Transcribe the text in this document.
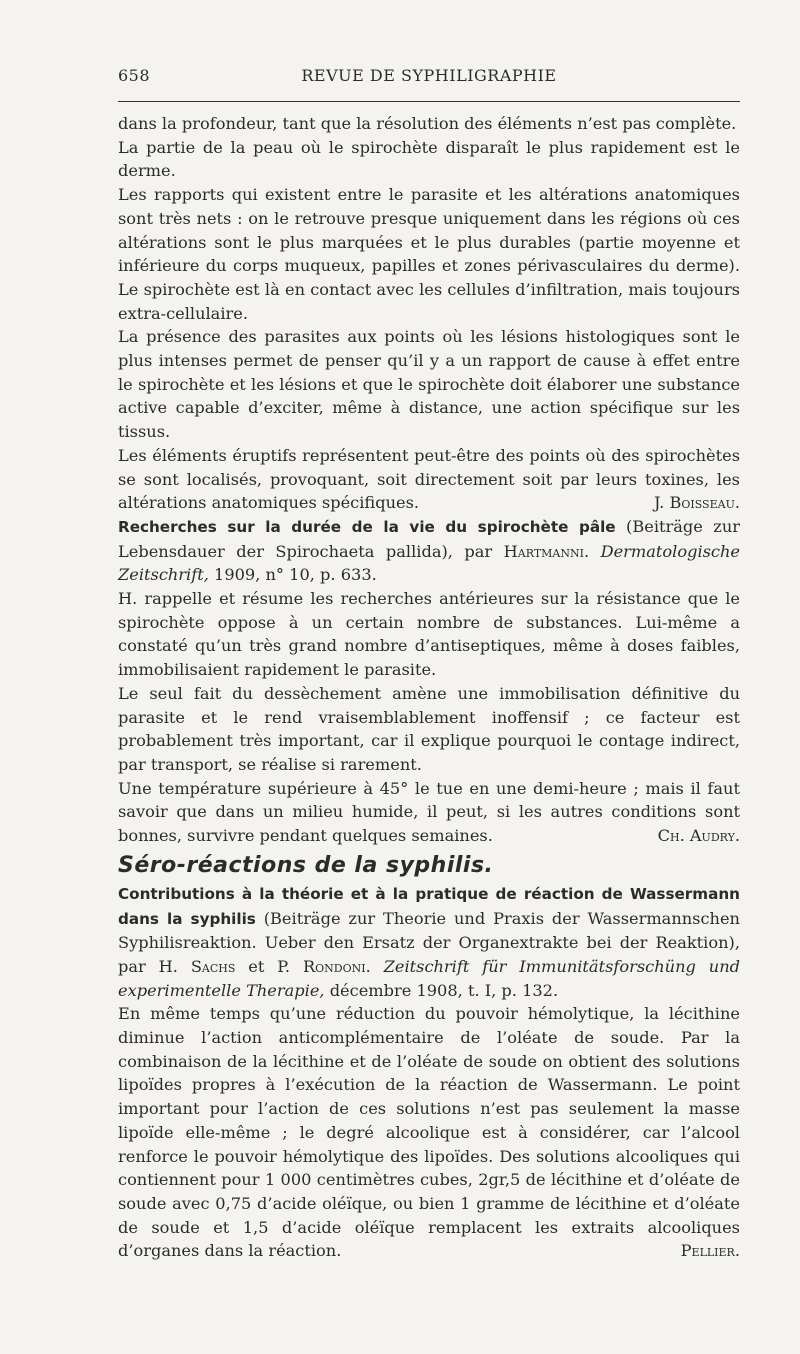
658	REVUE DE SYPHILIGRAPHIE

dans la profondeur, tant que la résolution des éléments n’est pas complète.

La partie de la peau où le spirochète disparaît le plus rapidement est le derme.

Les rapports qui existent entre le parasite et les altérations anatomiques sont très nets : on le retrouve presque uniquement dans les régions où ces altérations sont le plus marquées et le plus durables (partie moyenne et inférieure du corps muqueux, papilles et zones périvasculaires du derme). Le spirochète est là en contact avec les cellules d’infiltration, mais toujours extra-cellulaire.

La présence des parasites aux points où les lésions histologiques sont le plus intenses permet de penser qu’il y a un rapport de cause à effet entre le spirochète et les lésions et que le spirochète doit élaborer une substance active capable d’exciter, même à distance, une action spécifique sur les tissus.

Les éléments éruptifs représentent peut-être des points où des spirochètes se sont localisés, provoquant, soit directement soit par leurs toxines, les altérations anatomiques spécifiques.	J. Boisseau.

Recherches sur la durée de la vie du spirochète pâle (Beiträge zur Lebensdauer der Spirochaeta pallida), par Hartmanni. Dermatologische Zeitschrift, 1909, n° 10, p. 633.

H. rappelle et résume les recherches antérieures sur la résistance que le spirochète oppose à un certain nombre de substances. Lui-même a constaté qu’un très grand nombre d’antiseptiques, même à doses faibles, immobilisaient rapidement le parasite.

Le seul fait du dessèchement amène une immobilisation définitive du parasite et le rend vraisemblablement inoffensif ; ce facteur est probablement très important, car il explique pourquoi le contage indirect, par transport, se réalise si rarement.

Une température supérieure à 45° le tue en une demi-heure ; mais il faut savoir que dans un milieu humide, il peut, si les autres conditions sont bonnes, survivre pendant quelques semaines.	Ch. Audry.

Séro-réactions de la syphilis.

Contributions à la théorie et à la pratique de réaction de Wassermann dans la syphilis (Beiträge zur Theorie und Praxis der Wassermannschen Syphilisreaktion. Ueber den Ersatz der Organextrakte bei der Reaktion), par H. Sachs et P. Rondoni. Zeitschrift für Immunitätsforschüng und experimentelle Therapie, décembre 1908, t. I, p. 132.

En même temps qu’une réduction du pouvoir hémolytique, la lécithine diminue l’action anticomplémentaire de l’oléate de soude. Par la combinaison de la lécithine et de l’oléate de soude on obtient des solutions lipoïdes propres à l’exécution de la réaction de Wassermann. Le point important pour l’action de ces solutions n’est pas seulement la masse lipoïde elle-même ; le degré alcoolique est à considérer, car l’alcool renforce le pouvoir hémolytique des lipoïdes. Des solutions alcooliques qui contiennent pour 1 000 centimètres cubes, 2gr,5 de lécithine et d’oléate de soude avec 0,75 d’acide oléïque, ou bien 1 gramme de lécithine et d’oléate de soude et 1,5 d’acide oléïque remplacent les extraits alcooliques d’organes dans la réaction.	Pellier.
